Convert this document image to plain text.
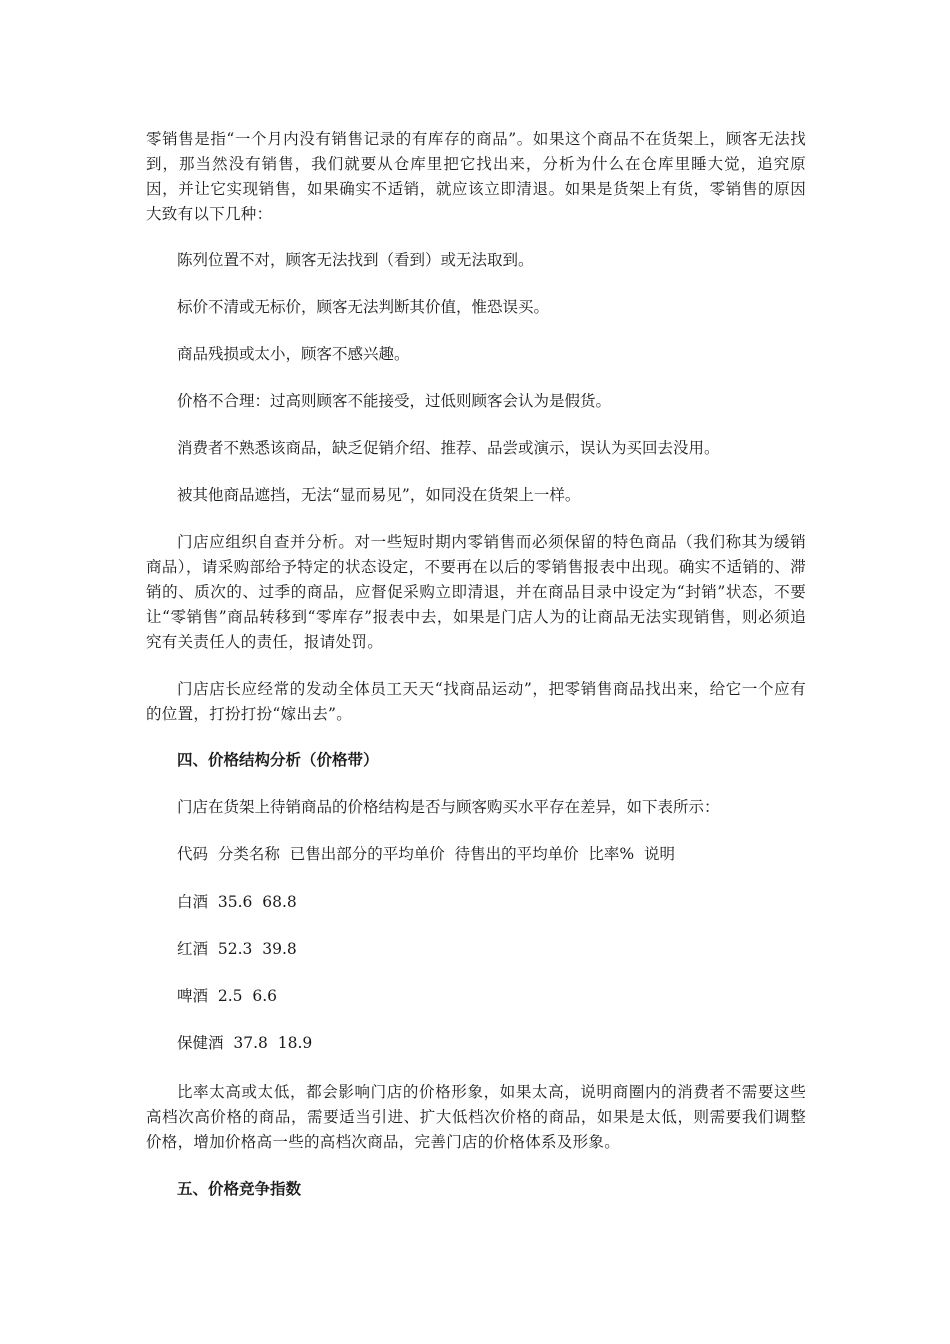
零销售是指“一个月内没有销售记录的有库存的商品”。如果这个商品不在货架上，顾客无法找到，那当然没有销售，我们就要从仓库里把它找出来，分析为什么在仓库里睡大觉，追究原因，并让它实现销售，如果确实不适销，就应该立即清退。如果是货架上有货，零销售的原因大致有以下几种：

陈列位置不对，顾客无法找到（看到）或无法取到。

标价不清或无标价，顾客无法判断其价值，惟恐误买。

商品残损或太小，顾客不感兴趣。

价格不合理：过高则顾客不能接受，过低则顾客会认为是假货。

消费者不熟悉该商品，缺乏促销介绍、推荐、品尝或演示，误认为买回去没用。

被其他商品遮挡，无法“显而易见”，如同没在货架上一样。

门店应组织自查并分析。对一些短时期内零销售而必须保留的特色商品（我们称其为缓销商品），请采购部给予特定的状态设定，不要再在以后的零销售报表中出现。确实不适销的、滞销的、质次的、过季的商品，应督促采购立即清退，并在商品目录中设定为“封销”状态，不要让“零销售”商品转移到“零库存”报表中去，如果是门店人为的让商品无法实现销售，则必须追究有关责任人的责任，报请处罚。

门店店长应经常的发动全体员工天天“找商品运动”，把零销售商品找出来，给它一个应有的位置，打扮打扮“嫁出去”。

四、价格结构分析（价格带）

门店在货架上待销商品的价格结构是否与顾客购买水平存在差异，如下表所示：

代码  分类名称  已售出部分的平均单价  待售出的平均单价  比率%  说明

白酒  35.6  68.8

红酒  52.3  39.8

啤酒  2.5  6.6

保健酒  37.8  18.9

比率太高或太低，都会影响门店的价格形象，如果太高，说明商圈内的消费者不需要这些高档次高价格的商品，需要适当引进、扩大低档次价格的商品，如果是太低，则需要我们调整价格，增加价格高一些的高档次商品，完善门店的价格体系及形象。

五、价格竞争指数
